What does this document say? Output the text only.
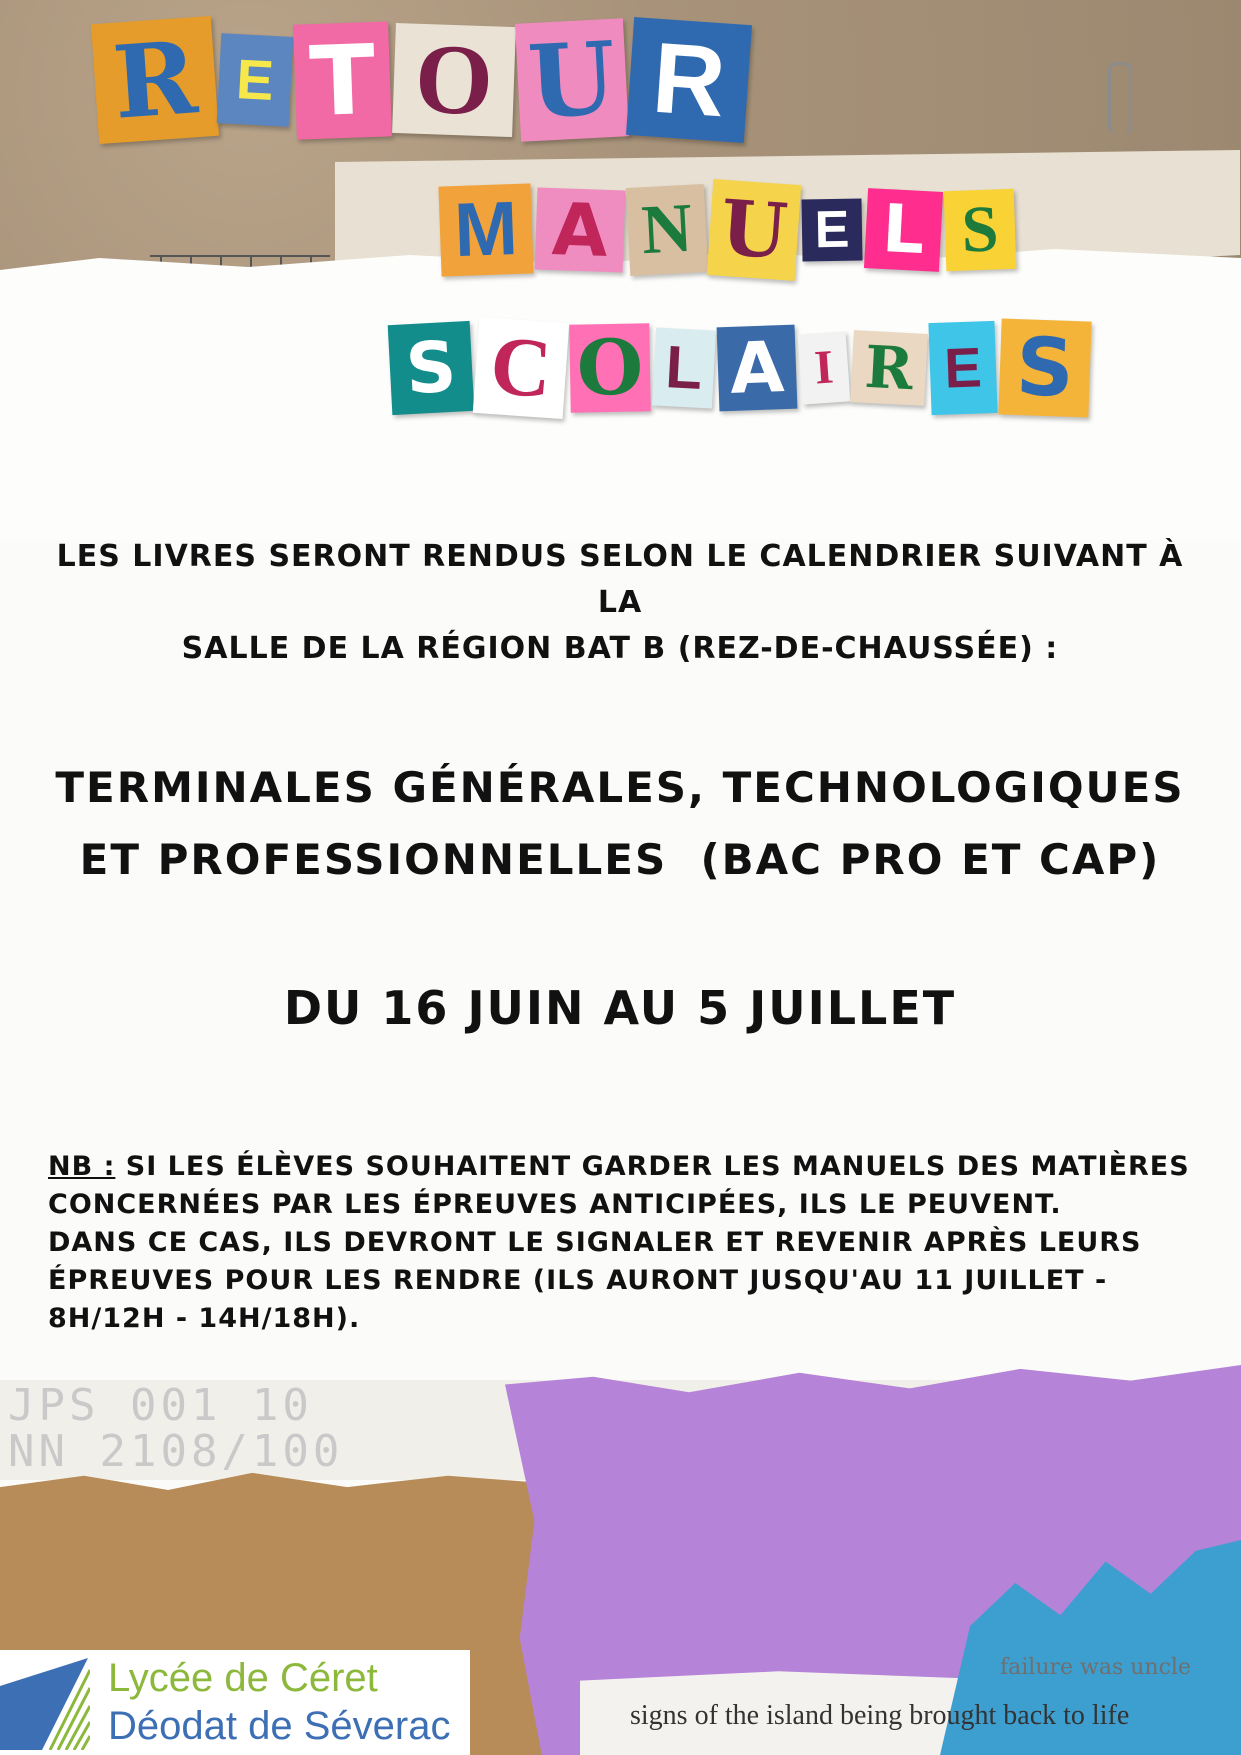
R E T O U R
M A N U E L S
S C O L A I R E S
LES LIVRES SERONT RENDUS SELON LE CALENDRIER SUIVANT À LA
SALLE DE LA RÉGION BAT B (REZ-DE-CHAUSSÉE) :
TERMINALES GÉNÉRALES, TECHNOLOGIQUES
ET PROFESSIONNELLES  (BAC PRO ET CAP)
DU 16 JUIN AU 5 JUILLET
NB : SI LES ÉLÈVES SOUHAITENT GARDER LES MANUELS DES MATIÈRES
CONCERNÉES PAR LES ÉPREUVES ANTICIPÉES, ILS LE PEUVENT.
DANS CE CAS, ILS DEVRONT LE SIGNALER ET REVENIR APRÈS LEURS
ÉPREUVES POUR LES RENDRE (ILS AURONT JUSQU'AU 11 JUILLET -
8H/12H - 14H/18H).
JPS 001 10
NN 2108/100
failure was uncle
signs of the island being brought back to life
Lycée de Céret
Déodat de Séverac
